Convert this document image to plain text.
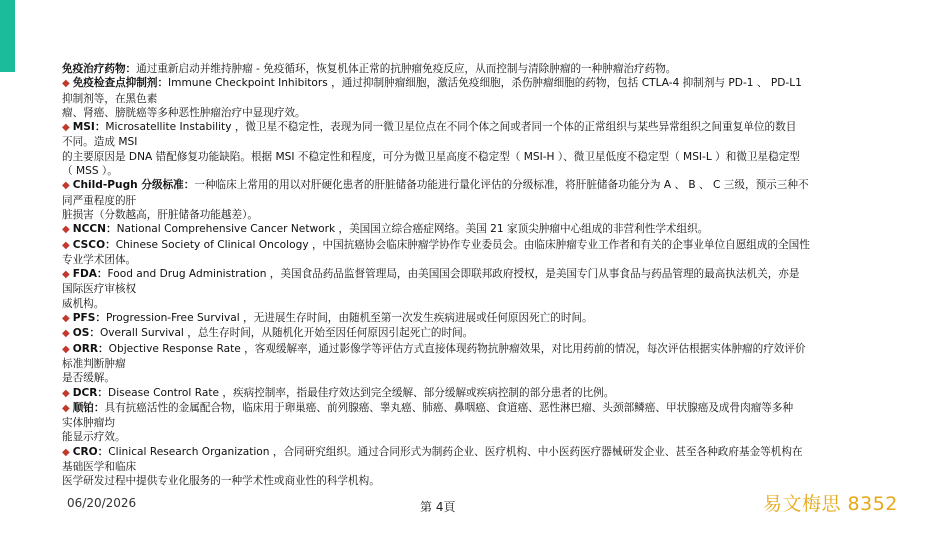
免疫治疗药物：通过重新启动并维持肿瘤 - 免疫循环，恢复机体正常的抗肿瘤免疫反应，从而控制与清除肿瘤的一种肿瘤治疗药物。
◆ 免疫检查点抑制剂：Immune Checkpoint Inhibitors ，通过抑制肿瘤细胞，激活免疫细胞，杀伤肿瘤细胞的药物，包括 CTLA-4 抑制剂与 PD-1 、 PD-L1
抑制剂等，在黑色素
瘤、肾癌、膀胱癌等多种恶性肿瘤治疗中显现疗效。
◆ MSI：Microsatellite Instability ，微卫星不稳定性，表现为同一微卫星位点在不同个体之间或者同一个体的正常组织与某些异常组织之间重复单位的数目
不同。造成 MSI
的主要原因是 DNA 错配修复功能缺陷。根据 MSI 不稳定性和程度，可分为微卫星高度不稳定型（ MSI-H ）、微卫星低度不稳定型（ MSI-L ）和微卫星稳定型
（ MSS ）。
◆ Child-Pugh 分级标准：一种临床上常用的用以对肝硬化患者的肝脏储备功能进行量化评估的分级标准，将肝脏储备功能分为 A 、 B 、 C 三级，预示三种不
同严重程度的肝
脏损害（分数越高，肝脏储备功能越差）。
◆ NCCN：National Comprehensive Cancer Network ，美国国立综合癌症网络。美国 21 家顶尖肿瘤中心组成的非营利性学术组织。
◆ CSCO：Chinese Society of Clinical Oncology ，中国抗癌协会临床肿瘤学协作专业委员会。由临床肿瘤专业工作者和有关的企事业单位自愿组成的全国性
专业学术团体。
◆ FDA：Food and Drug Administration ，美国食品药品监督管理局，由美国国会即联邦政府授权，是美国专门从事食品与药品管理的最高执法机关，亦是
国际医疗审核权
威机构。
◆ PFS：Progression-Free Survival ，无进展生存时间，由随机至第一次发生疾病进展或任何原因死亡的时间。
◆ OS：Overall Survival ，总生存时间，从随机化开始至因任何原因引起死亡的时间。
◆ ORR：Objective Response Rate ，客观缓解率，通过影像学等评估方式直接体现药物抗肿瘤效果，对比用药前的情况，每次评估根据实体肿瘤的疗效评价
标准判断肿瘤
是否缓解。
◆ DCR：Disease Control Rate ，疾病控制率，指最佳疗效达到完全缓解、部分缓解或疾病控制的部分患者的比例。
◆ 顺铂：具有抗癌活性的金属配合物，临床用于卵巢癌、前列腺癌、睾丸癌、肺癌、鼻咽癌、食道癌、恶性淋巴瘤、头颈部鳞癌、甲状腺癌及成骨肉瘤等多种
实体肿瘤均
能显示疗效。
◆ CRO：Clinical Research Organization ，合同研究组织。通过合同形式为制药企业、医疗机构、中小医药医疗器械研发企业、甚至各种政府基金等机构在
基础医学和临床
医学研发过程中提供专业化服务的一种学术性或商业性的科学机构。
06/20/2026	第 4頁	易文梅思 8352
